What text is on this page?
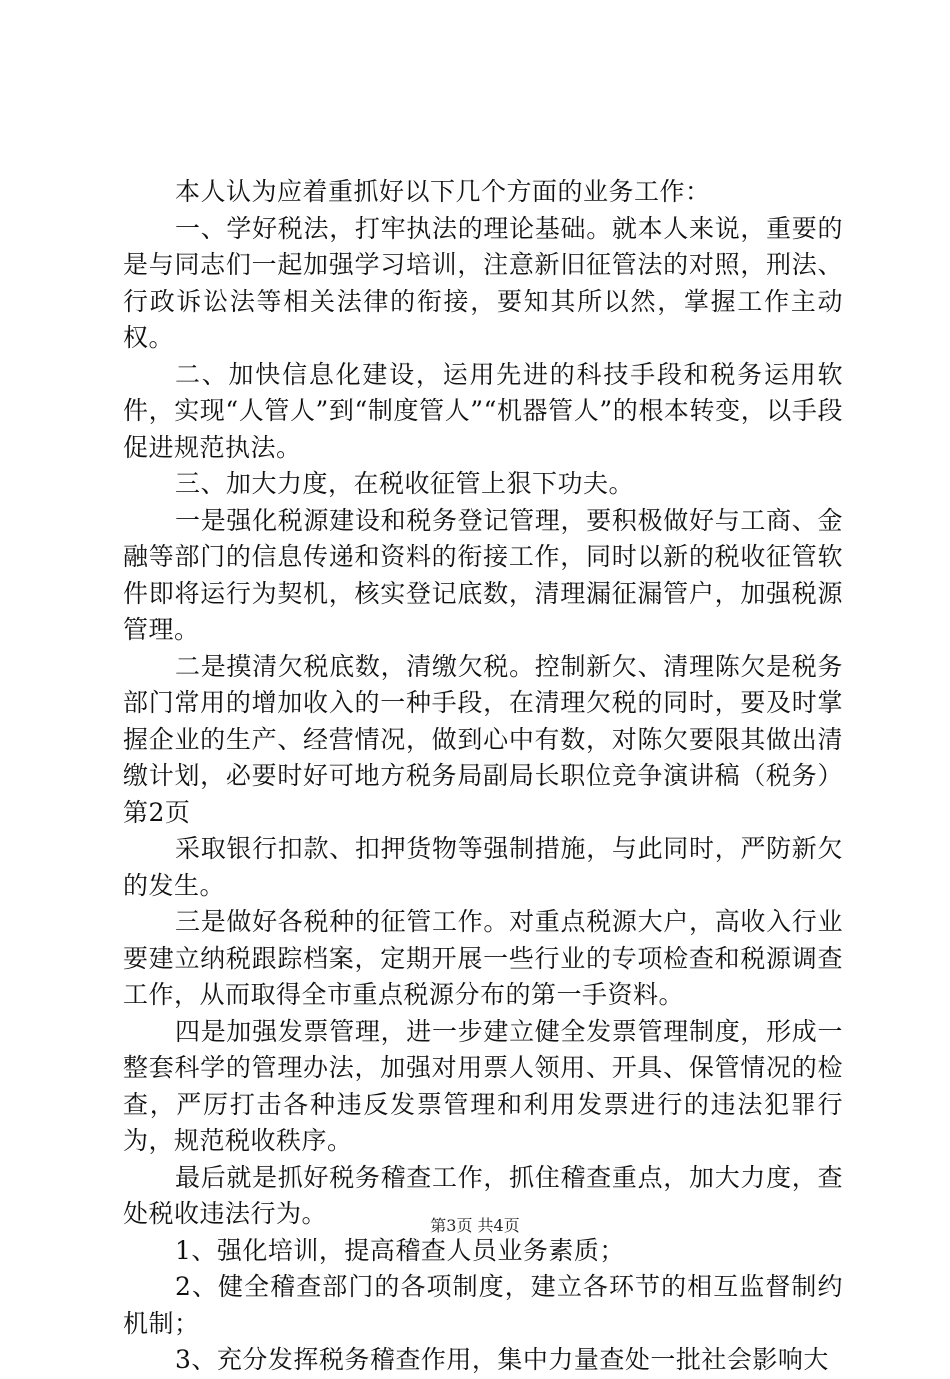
本人认为应着重抓好以下几个方面的业务工作：

一、学好税法，打牢执法的理论基础。就本人来说，重要的是与同志们一起加强学习培训，注意新旧征管法的对照，刑法、行政诉讼法等相关法律的衔接，要知其所以然，掌握工作主动权。

二、加快信息化建设，运用先进的科技手段和税务运用软件，实现“人管人”到“制度管人”“机器管人”的根本转变，以手段促进规范执法。

三、加大力度，在税收征管上狠下功夫。

一是强化税源建设和税务登记管理，要积极做好与工商、金融等部门的信息传递和资料的衔接工作，同时以新的税收征管软件即将运行为契机，核实登记底数，清理漏征漏管户，加强税源管理。

二是摸清欠税底数，清缴欠税。控制新欠、清理陈欠是税务部门常用的增加收入的一种手段，在清理欠税的同时，要及时掌握企业的生产、经营情况，做到心中有数，对陈欠要限其做出清缴计划，必要时好可地方税务局副局长职位竞争演讲稿（税务）第2页

采取银行扣款、扣押货物等强制措施，与此同时，严防新欠的发生。

三是做好各税种的征管工作。对重点税源大户，高收入行业要建立纳税跟踪档案，定期开展一些行业的专项检查和税源调查工作，从而取得全市重点税源分布的第一手资料。

四是加强发票管理，进一步建立健全发票管理制度，形成一整套科学的管理办法，加强对用票人领用、开具、保管情况的检查，严厉打击各种违反发票管理和利用发票进行的违法犯罪行为，规范税收秩序。

最后就是抓好税务稽查工作，抓住稽查重点，加大力度，查处税收违法行为。

1、强化培训，提高稽查人员业务素质；

2、健全稽查部门的各项制度，建立各环节的相互监督制约机制；

3、充分发挥税务稽查作用，集中力量查处一批社会影响大

第3页 共4页
